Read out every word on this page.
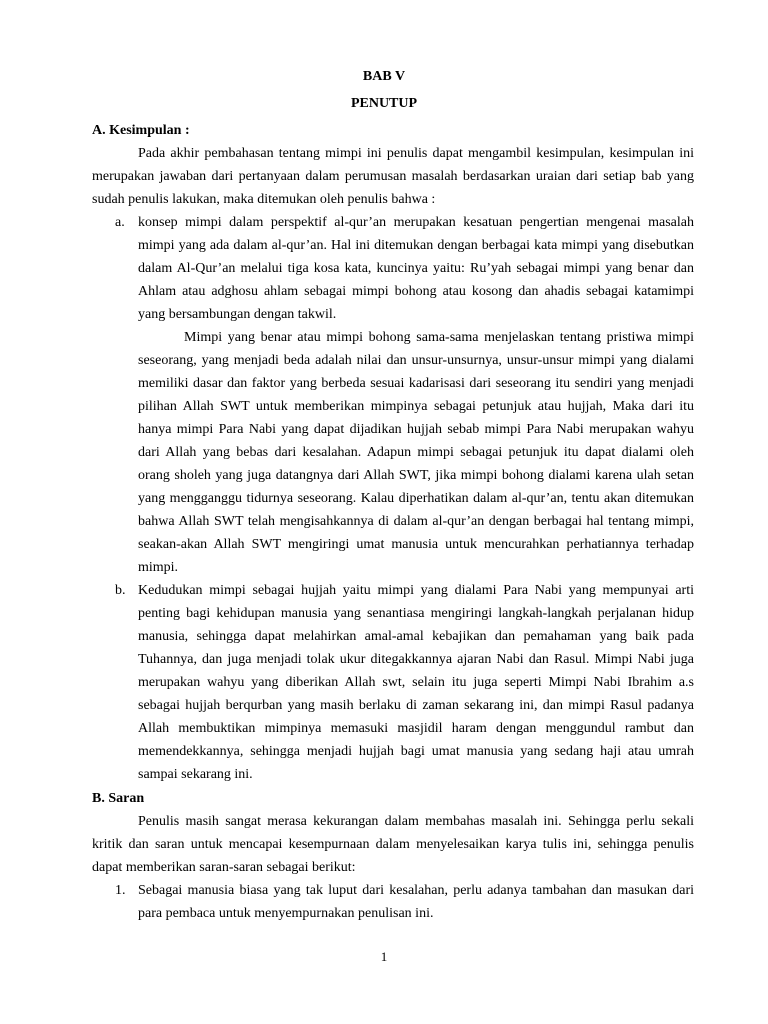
BAB V

PENUTUP

A. Kesimpulan :

Pada akhir pembahasan tentang mimpi ini penulis dapat mengambil kesimpulan, kesimpulan ini

merupakan jawaban dari pertanyaan dalam perumusan masalah berdasarkan uraian dari setiap bab yang

sudah penulis lakukan, maka ditemukan oleh penulis bahwa :

a. konsep mimpi dalam perspektif al-qur’an merupakan kesatuan pengertian mengenai masalah

mimpi yang ada dalam al-qur’an. Hal ini ditemukan dengan berbagai kata mimpi yang disebutkan

dalam Al-Qur’an melalui tiga kosa kata, kuncinya yaitu: Ru’yah sebagai mimpi yang benar dan

Ahlam atau adghosu ahlam sebagai mimpi bohong atau kosong dan ahadis sebagai katamimpi

yang bersambungan dengan takwil.

Mimpi yang benar atau mimpi bohong sama-sama menjelaskan tentang pristiwa mimpi

seseorang, yang menjadi beda adalah nilai dan unsur-unsurnya, unsur-unsur mimpi yang dialami

memiliki dasar dan faktor yang berbeda sesuai kadarisasi dari seseorang itu sendiri yang menjadi

pilihan Allah SWT untuk memberikan mimpinya sebagai petunjuk atau hujjah, Maka dari itu

hanya mimpi Para Nabi yang dapat dijadikan hujjah sebab mimpi Para Nabi merupakan wahyu

dari Allah yang bebas dari kesalahan. Adapun mimpi sebagai petunjuk itu dapat dialami oleh

orang sholeh yang juga datangnya dari Allah SWT, jika mimpi bohong dialami karena ulah setan

yang mengganggu tidurnya seseorang. Kalau diperhatikan dalam al-qur’an, tentu akan ditemukan

bahwa Allah SWT telah mengisahkannya di dalam al-qur’an dengan berbagai hal tentang mimpi,

seakan-akan Allah SWT mengiringi umat manusia untuk mencurahkan perhatiannya terhadap

mimpi.

b. Kedudukan mimpi sebagai hujjah yaitu mimpi yang dialami Para Nabi yang mempunyai arti

penting bagi kehidupan manusia yang senantiasa mengiringi langkah-langkah perjalanan hidup

manusia, sehingga dapat melahirkan amal-amal kebajikan dan pemahaman yang baik pada

Tuhannya, dan juga menjadi tolak ukur ditegakkannya ajaran Nabi dan Rasul. Mimpi Nabi juga

merupakan wahyu yang diberikan Allah swt, selain itu juga seperti Mimpi Nabi Ibrahim a.s

sebagai hujjah berqurban yang masih berlaku di zaman sekarang ini, dan mimpi Rasul padanya

Allah membuktikan mimpinya memasuki masjidil haram dengan menggundul rambut dan

memendekkannya, sehingga menjadi hujjah bagi umat manusia yang sedang haji atau umrah

sampai sekarang ini.

B. Saran

Penulis masih sangat merasa kekurangan dalam membahas masalah ini. Sehingga perlu sekali

kritik dan saran untuk mencapai kesempurnaan dalam menyelesaikan karya tulis ini, sehingga penulis

dapat memberikan saran-saran sebagai berikut:

1. Sebagai manusia biasa yang tak luput dari kesalahan, perlu adanya tambahan dan masukan dari

para pembaca untuk menyempurnakan penulisan ini.

1
